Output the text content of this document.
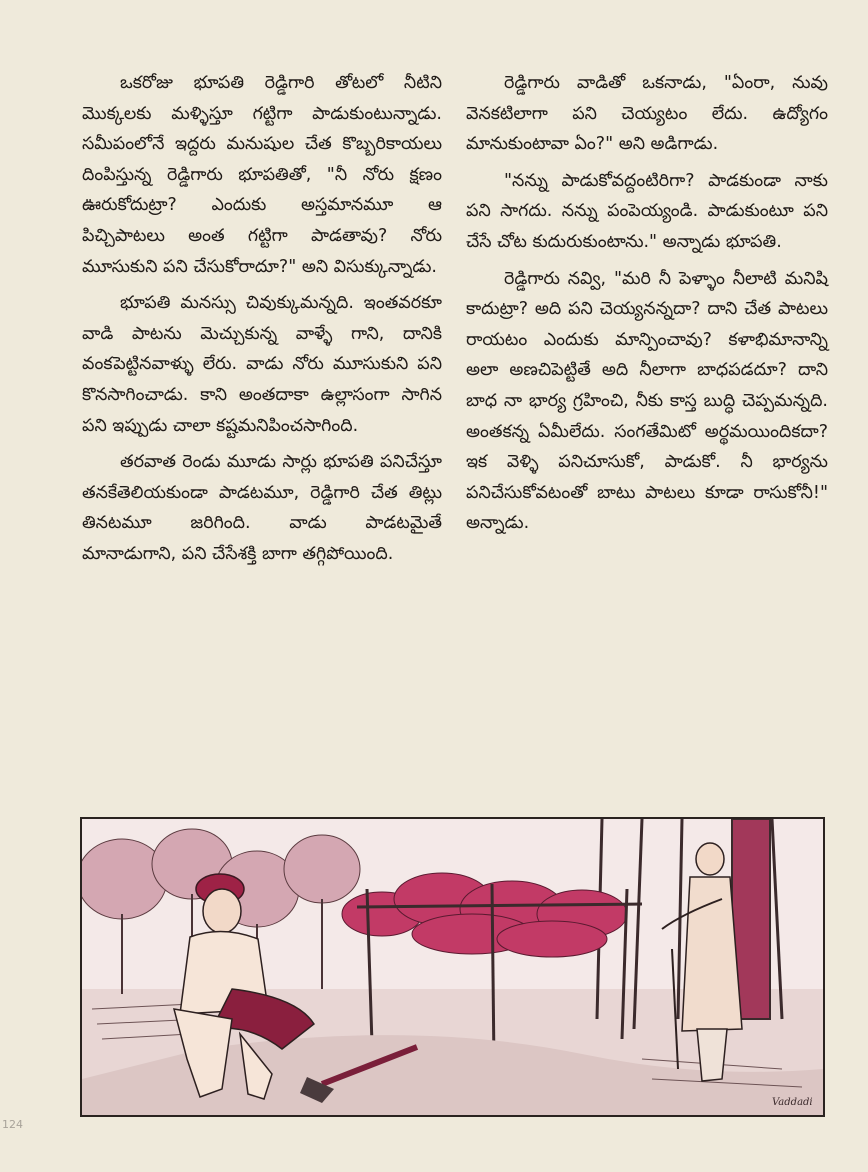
ఒకరోజు భూపతి రెడ్డిగారి తోటలో నీటిని మొక్కలకు మళ్ళిస్తూ గట్టిగా పాడుకుంటున్నాడు. సమీపంలోనే ఇద్దరు మనుషుల చేత కొబ్బరికాయలు దింపిస్తున్న రెడ్డిగారు భూపతితో, "నీ నోరు క్షణం ఊరుకోదుట్రా? ఎందుకు అస్తమానమూ ఆ పిచ్చిపాటలు అంత గట్టిగా పాడతావు? నోరు మూసుకుని పని చేసుకోరాదూ?" అని విసుక్కున్నాడు.

భూపతి మనస్సు చివుక్కుమన్నది. ఇంతవరకూ వాడి పాటను మెచ్చుకున్న వాళ్ళే గాని, దానికి వంకపెట్టినవాళ్ళు లేరు. వాడు నోరు మూసుకుని పని కొనసాగించాడు. కాని అంతదాకా ఉల్లాసంగా సాగిన పని ఇప్పుడు చాలా కష్టమనిపించసాగింది.

తరవాత రెండు మూడు సార్లు భూపతి పనిచేస్తూ తనకేతెలియకుండా పాడటమూ, రెడ్డిగారి చేత తిట్లు తినటమూ జరిగింది. వాడు పాడటమైతే మానాడుగాని, పని చేసేశక్తి బాగా తగ్గిపోయింది.

రెడ్డిగారు వాడితో ఒకనాడు, "ఏంరా, నువు వెనకటిలాగా పని చెయ్యటం లేదు. ఉద్యోగం మానుకుంటావా ఏం?" అని అడిగాడు.

"నన్ను పాడుకోవద్దంటిరిగా? పాడకుండా నాకు పని సాగదు. నన్ను పంపెయ్యండి. పాడుకుంటూ పని చేసే చోట కుదురుకుంటాను." అన్నాడు భూపతి.

రెడ్డిగారు నవ్వి, "మరి నీ పెళ్ళాం నీలాటి మనిషి కాదుట్రా? అది పని చెయ్యనన్నదా? దాని చేత పాటలు రాయటం ఎందుకు మాన్పించావు? కళాభిమానాన్ని అలా అణచిపెట్టితే అది నీలాగా బాధపడదూ? దాని బాధ నా భార్య గ్రహించి, నీకు కాస్త బుద్ధి చెప్పమన్నది. అంతకన్న ఏమీలేదు. సంగతేమిటో అర్థమయిందికదా? ఇక వెళ్ళి పనిచూసుకో, పాడుకో. నీ భార్యను పనిచేసుకోవటంతో బాటు పాటలు కూడా రాసుకోనీ!" అన్నాడు.

Vaddadi
124
